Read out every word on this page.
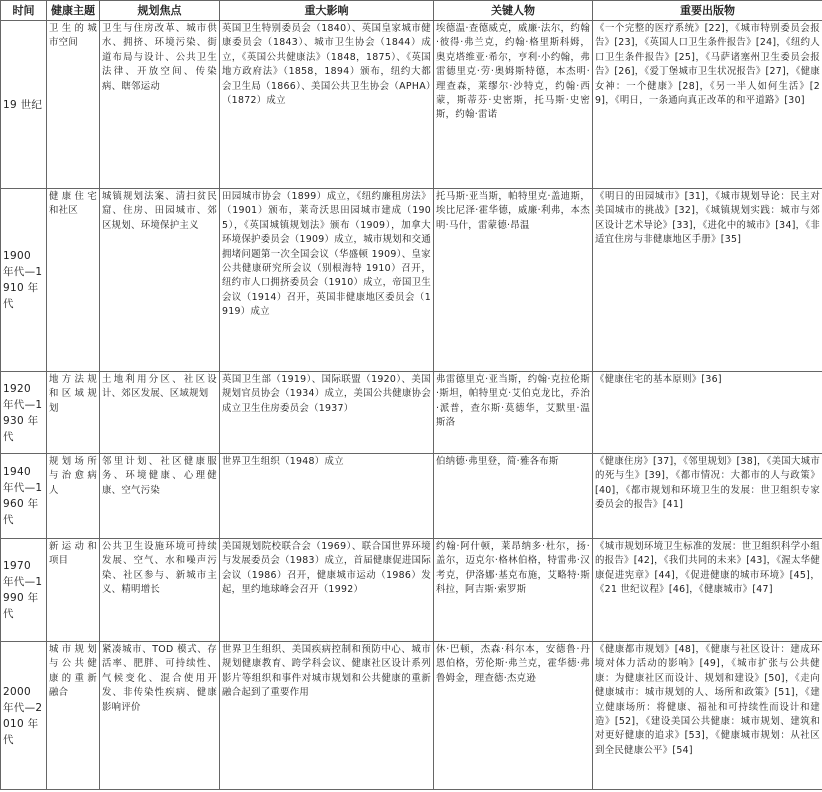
时间	健康主题	规划焦点	重大影响	关键人物	重要出版物
19 世纪	卫生的城市空间	卫生与住房改革、城市供水、拥挤、环境污染、街道布局与设计、公共卫生法律、开放空间、传染病、瞎邻运动	英国卫生特别委员会（1840）、英国皇家城市健康委员会（1843）、城市卫生协会（1844）成立，《英国公共健康法》（1848，1875）、《英国地方政府法》（1858，1894）颁布，纽约大都会卫生局（1866）、美国公共卫生协会（APHA）（1872）成立	埃德温·查德威克，威廉·法尔，约翰·彼得·弗兰克，约翰·格里斯科姆，奥克塔维亚·希尔，亨利·小约翰，弗雷德里克·劳·奥姆斯特德，本杰明·理查森，莱缪尔·沙特克，约翰·西蒙，斯蒂芬·史密斯，托马斯·史密斯，约翰·雷诺	《一个完整的医疗系统》[22]，《城市特别委员会报告》[23]，《英国人口卫生条件报告》[24]，《纽约人口卫生条件报告》[25]，《马萨诸塞州卫生委员会报告》[26]，《爱丁堡城市卫生状况报告》[27]，《健康女神：一个健康》[28]，《另一半人如何生活》[29]，《明日，一条通向真正改革的和平道路》[30]
1900 年代—1910 年代	健康住宅和社区	城镇规划法案、清扫贫民窟、住房、田园城市、郊区规划、环境保护主义	田园城市协会（1899）成立，《纽约廉租房法》（1901）颁布，莱奇沃思田园城市建成（1905），《英国城镇规划法》颁布（1909），加拿大环境保护委员会（1909）成立，城市规划和交通拥堵问题第一次全国会议（华盛顿 1909）、皇家公共健康研究所会议（别根海特 1910）召开，纽约市人口拥挤委员会（1910）成立，帝国卫生会议（1914）召开，英国非健康地区委员会（1919）成立	托马斯·亚当斯，帕特里克·盖迪斯，埃比尼泽·霍华德，威廉·利弗，本杰明·马什，雷蒙德·昂温	《明日的田园城市》[31]，《城市规划导论：民主对美国城市的挑战》[32]，《城镇规划实践：城市与郊区设计艺术导论》[33]，《进化中的城市》[34]，《非适宜住房与非健康地区手册》[35]
1920 年代—1930 年代	地方法规和区域规划	土地利用分区、社区设计、郊区发展、区域规划	英国卫生部（1919）、国际联盟（1920）、美国规划官员协会（1934）成立，美国公共健康协会成立卫生住房委员会（1937）	弗雷德里克·亚当斯，约翰·克拉伦斯·斯坦，帕特里克·艾伯克龙比，乔治·派普，查尔斯·莫德华，艾默里·温斯洛	《健康住宅的基本原则》[36]
1940 年代—1960 年代	规划场所与治愈病人	邻里计划、社区健康服务、环境健康、心理健康、空气污染	世界卫生组织（1948）成立	伯纳德·弗里登，简·雅各布斯	《健康住房》[37]，《邻里规划》[38]，《美国大城市的死与生》[39]，《都市情况：大都市的人与政策》[40]，《都市规划和环境卫生的发展：世卫组织专家委员会的报告》[41]
1970 年代—1990 年代	新运动和项目	公共卫生设施环境可持续发展、空气、水和噪声污染、社区参与、新城市主义、精明增长	美国规划院校联合会（1969）、联合国世界环境与发展委员会（1983）成立，首届健康促进国际会议（1986）召开，健康城市运动（1986）发起，里约地球峰会召开（1992）	约翰·阿什顿，莱昂纳多·杜尔，扬·盖尔，迈克尔·格林伯格，特雷弗·汉考克，伊洛娜·基克布施，艾略特·斯科拉，阿吉斯·索罗斯	《城市规划环境卫生标准的发展：世卫组织科学小组的报告》[42]，《我们共同的未来》[43]，《渥太华健康促进宪章》[44]，《促进健康的城市环境》[45]，《21 世纪议程》[46]，《健康城市》[47]
2000 年代—2010 年代	城市规划与公共健康的重新融合	紧凑城市、TOD 模式、存活率、肥胖、可持续性、气候变化、混合使用开发、非传染性疾病、健康影响评价	世界卫生组织、美国疾病控制和预防中心、城市规划健康教育、跨学科会议、健康社区设计系列影片等组织和事件对城市规划和公共健康的重新融合起到了重要作用	休·巴顿，杰森·科尔本，安德鲁·丹恩伯格，劳伦斯·弗兰克，霍华德·弗鲁姆金，理查德·杰克逊	《健康都市规划》[48]，《健康与社区设计：建成环境对体力活动的影响》[49]，《城市扩张与公共健康：为健康社区而设计、规划和建设》[50]，《走向健康城市：城市规划的人、场所和政策》[51]，《建立健康场所：将健康、福祉和可持续性而设计和建造》[52]，《建设美国公共健康：城市规划、建筑和对更好健康的追求》[53]，《健康城市规划：从社区到全民健康公平》[54]
